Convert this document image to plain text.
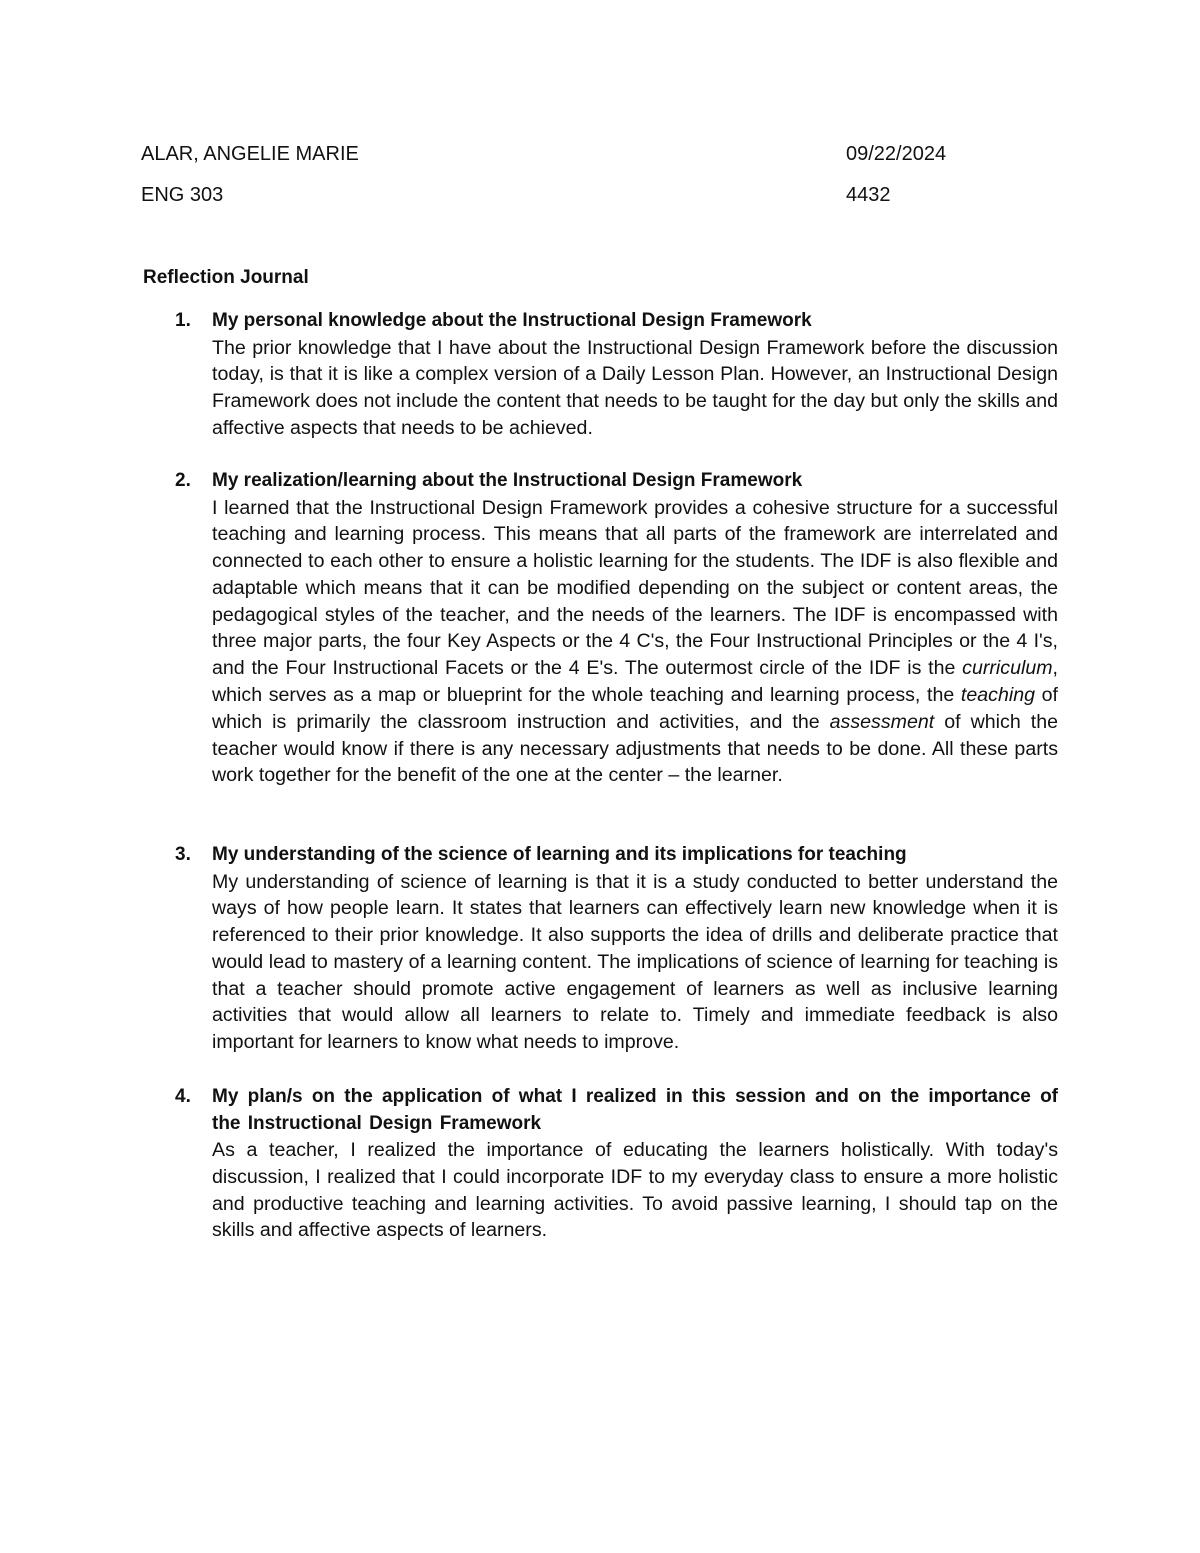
ALAR, ANGELIE MARIE	09/22/2024
ENG 303	4432
Reflection Journal
1. My personal knowledge about the Instructional Design Framework
The prior knowledge that I have about the Instructional Design Framework before the discussion today, is that it is like a complex version of a Daily Lesson Plan. However, an Instructional Design Framework does not include the content that needs to be taught for the day but only the skills and affective aspects that needs to be achieved.
2. My realization/learning about the Instructional Design Framework
I learned that the Instructional Design Framework provides a cohesive structure for a successful teaching and learning process. This means that all parts of the framework are interrelated and connected to each other to ensure a holistic learning for the students. The IDF is also flexible and adaptable which means that it can be modified depending on the subject or content areas, the pedagogical styles of the teacher, and the needs of the learners. The IDF is encompassed with three major parts, the four Key Aspects or the 4 C's, the Four Instructional Principles or the 4 I's, and the Four Instructional Facets or the 4 E's. The outermost circle of the IDF is the curriculum, which serves as a map or blueprint for the whole teaching and learning process, the teaching of which is primarily the classroom instruction and activities, and the assessment of which the teacher would know if there is any necessary adjustments that needs to be done. All these parts work together for the benefit of the one at the center – the learner.
3. My understanding of the science of learning and its implications for teaching
My understanding of science of learning is that it is a study conducted to better understand the ways of how people learn. It states that learners can effectively learn new knowledge when it is referenced to their prior knowledge. It also supports the idea of drills and deliberate practice that would lead to mastery of a learning content. The implications of science of learning for teaching is that a teacher should promote active engagement of learners as well as inclusive learning activities that would allow all learners to relate to. Timely and immediate feedback is also important for learners to know what needs to improve.
4. My plan/s on the application of what I realized in this session and on the importance of the Instructional Design Framework
As a teacher, I realized the importance of educating the learners holistically. With today's discussion, I realized that I could incorporate IDF to my everyday class to ensure a more holistic and productive teaching and learning activities. To avoid passive learning, I should tap on the skills and affective aspects of learners.
